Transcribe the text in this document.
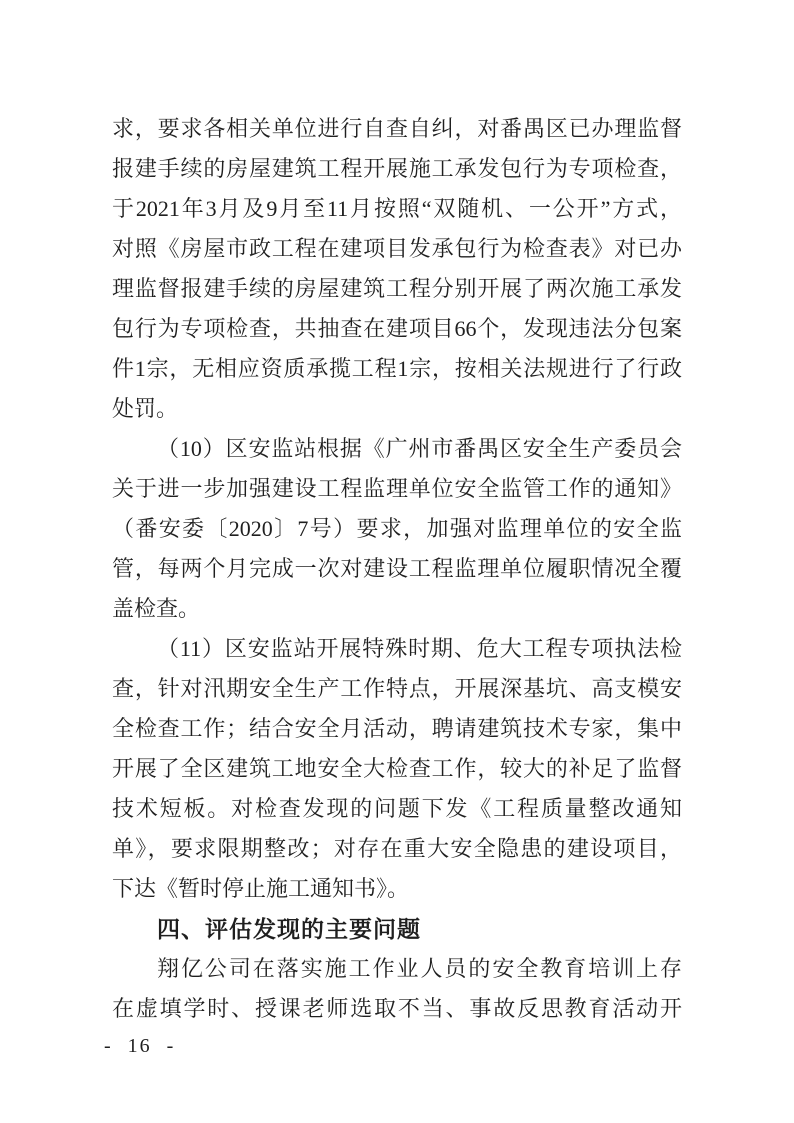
求，要求各相关单位进行自查自纠，对番禺区已办理监督
报建手续的房屋建筑工程开展施工承发包行为专项检查，
于2021年3月及9月至11月按照“双随机、一公开”方式，
对照《房屋市政工程在建项目发承包行为检查表》对已办
理监督报建手续的房屋建筑工程分别开展了两次施工承发
包行为专项检查，共抽查在建项目66个，发现违法分包案
件1宗，无相应资质承揽工程1宗，按相关法规进行了行政
处罚。
（10）区安监站根据《广州市番禺区安全生产委员会
关于进一步加强建设工程监理单位安全监管工作的通知》
（番安委〔2020〕7号）要求，加强对监理单位的安全监
管，每两个月完成一次对建设工程监理单位履职情况全覆
盖检查。
（11）区安监站开展特殊时期、危大工程专项执法检
查，针对汛期安全生产工作特点，开展深基坑、高支模安
全检查工作；结合安全月活动，聘请建筑技术专家，集中
开展了全区建筑工地安全大检查工作，较大的补足了监督
技术短板。对检查发现的问题下发《工程质量整改通知
单》，要求限期整改；对存在重大安全隐患的建设项目，
下达《暂时停止施工通知书》。
四、评估发现的主要问题
翔亿公司在落实施工作业人员的安全教育培训上存
在虚填学时、授课老师选取不当、事故反思教育活动开
- 16 -
